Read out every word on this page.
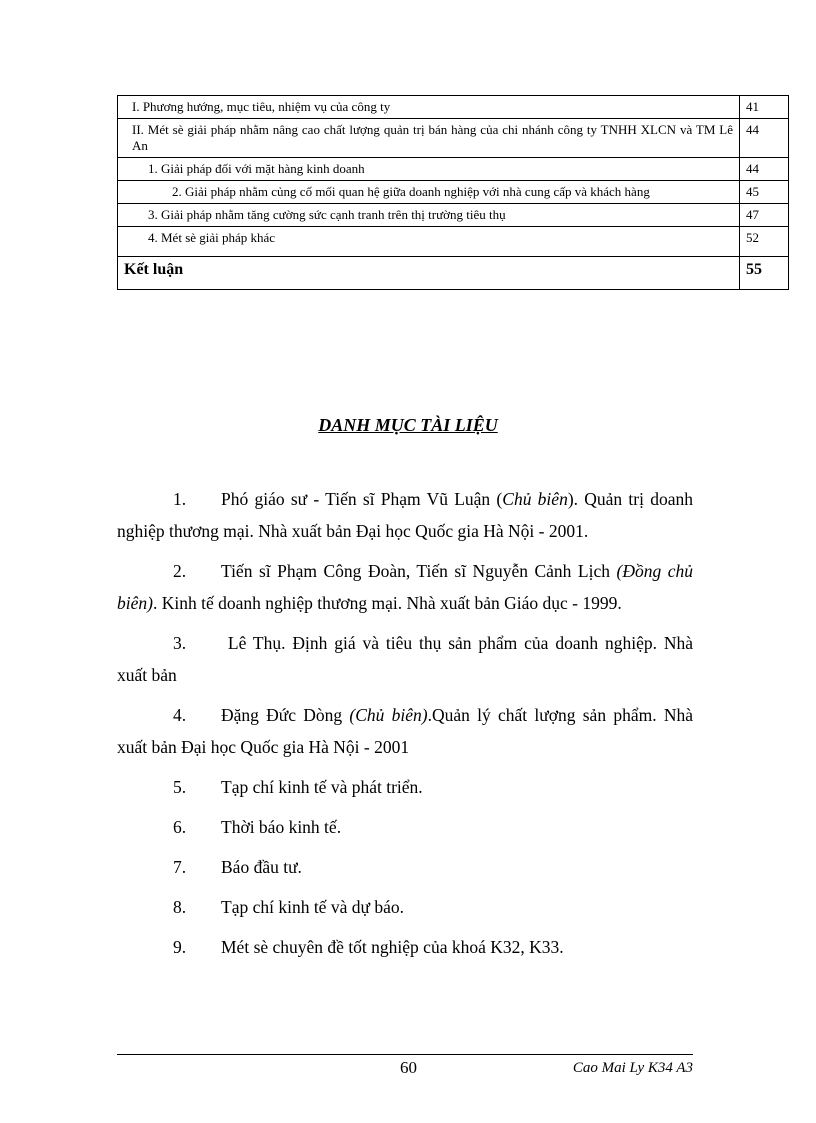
I. Phương hướng, mục tiêu, nhiệm vụ của công ty	41
II. Mét sè giải pháp nhằm nâng cao chất lượng quản trị bán hàng của chi nhánh công ty TNHH XLCN và TM Lê An	44
1. Giải pháp đối với mặt hàng kinh doanh	44
2. Giải pháp nhằm củng cố mối quan hệ giữa doanh nghiệp với nhà cung cấp và khách hàng	45
3. Giải pháp nhằm tăng cường sức cạnh tranh trên thị trường tiêu thụ	47
4. Mét sè giải pháp khác	52
Kết luận	55
DANH MỤC TÀI LIỆU
1. Phó giáo sư - Tiến sĩ Phạm Vũ Luận (Chủ biên). Quản trị doanh nghiệp thương mại. Nhà xuất bản Đại học Quốc gia Hà Nội - 2001.
2. Tiến sĩ Phạm Công Đoàn, Tiến sĩ Nguyễn Cảnh Lịch (Đồng chủ biên). Kinh tế doanh nghiệp thương mại. Nhà xuất bản Giáo dục - 1999.
3. Lê Thụ. Định giá và tiêu thụ sản phẩm của doanh nghiệp. Nhà xuất bản
4. Đặng Đức Dòng (Chủ biên).Quản lý chất lượng sản phẩm. Nhà xuất bản Đại học Quốc gia Hà Nội - 2001
5. Tạp chí kinh tế và phát triển.
6. Thời báo kinh tế.
7. Báo đầu tư.
8. Tạp chí kinh tế và dự báo.
9. Mét sè chuyên đề tốt nghiệp của khoá K32, K33.
60	Cao Mai Ly K34 A3
